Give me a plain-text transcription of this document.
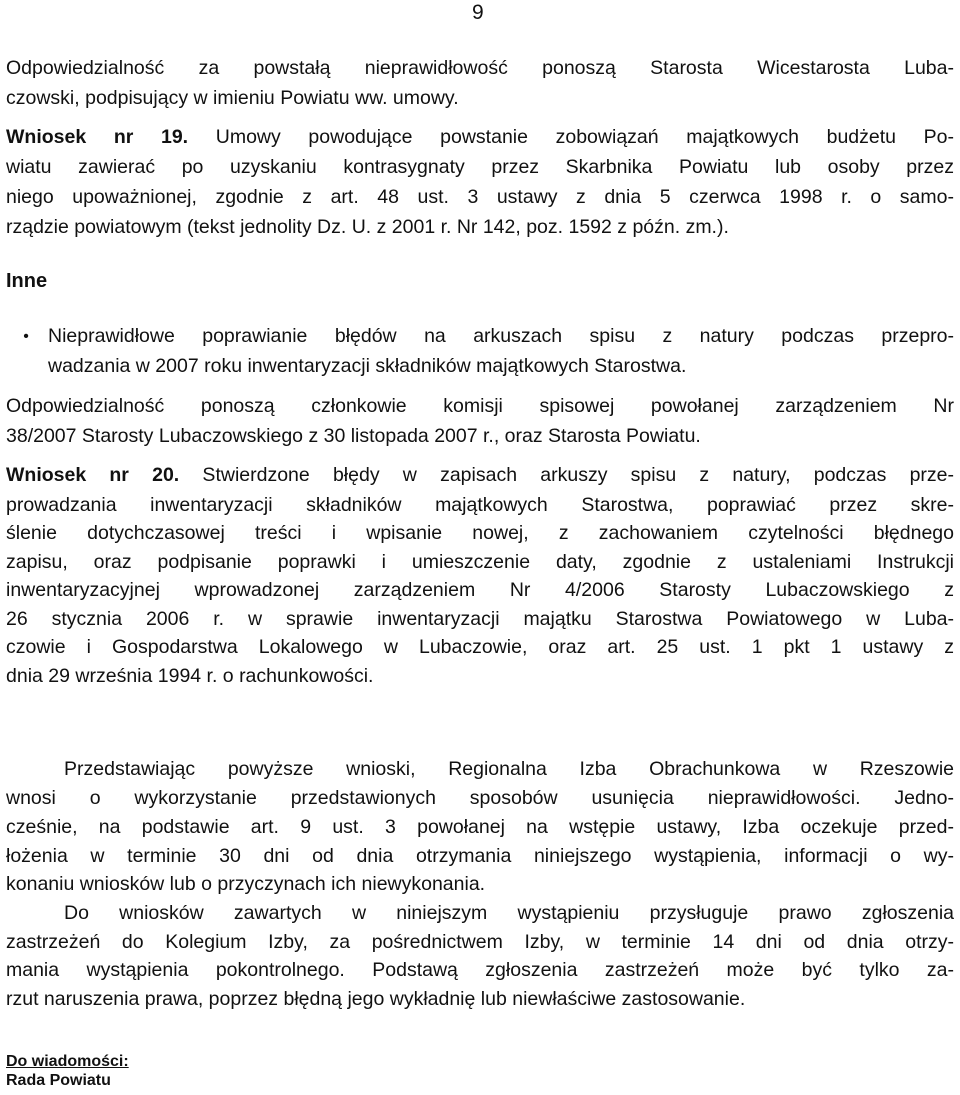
9
Odpowiedzialność za powstałą nieprawidłowość ponoszą Starosta Wicestarosta Luba-
czowski, podpisujący w imieniu Powiatu ww. umowy.
Wniosek nr 19. Umowy powodujące powstanie zobowiązań majątkowych budżetu Po-
wiatu zawierać po uzyskaniu kontrasygnaty przez Skarbnika Powiatu lub osoby przez
niego upoważnionej, zgodnie z art. 48 ust. 3 ustawy z dnia 5 czerwca 1998 r. o samo-
rządzie powiatowym (tekst jednolity Dz. U. z 2001 r. Nr 142, poz. 1592 z późn. zm.).
Inne
• Nieprawidłowe poprawianie błędów na arkuszach spisu z natury podczas przepro-
wadzania w 2007 roku inwentaryzacji składników majątkowych Starostwa.
Odpowiedzialność ponoszą członkowie komisji spisowej powołanej zarządzeniem Nr
38/2007 Starosty Lubaczowskiego z 30 listopada 2007 r., oraz Starosta Powiatu.
Wniosek nr 20. Stwierdzone błędy w zapisach arkuszy spisu z natury, podczas prze-
prowadzania inwentaryzacji składników majątkowych Starostwa, poprawiać przez skre-
ślenie dotychczasowej treści i wpisanie nowej, z zachowaniem czytelności błędnego
zapisu, oraz podpisanie poprawki i umieszczenie daty, zgodnie z ustaleniami Instrukcji
inwentaryzacyjnej wprowadzonej zarządzeniem Nr 4/2006 Starosty Lubaczowskiego z
26 stycznia 2006 r. w sprawie inwentaryzacji majątku Starostwa Powiatowego w Luba-
czowie i Gospodarstwa Lokalowego w Lubaczowie, oraz art. 25 ust. 1 pkt 1 ustawy z
dnia 29 września 1994 r. o rachunkowości.
Przedstawiając powyższe wnioski, Regionalna Izba Obrachunkowa w Rzeszowie
wnosi o wykorzystanie przedstawionych sposobów usunięcia nieprawidłowości. Jedno-
cześnie, na podstawie art. 9 ust. 3 powołanej na wstępie ustawy, Izba oczekuje przed-
łożenia w terminie 30 dni od dnia otrzymania niniejszego wystąpienia, informacji o wy-
konaniu wniosków lub o przyczynach ich niewykonania.
Do wniosków zawartych w niniejszym wystąpieniu przysługuje prawo zgłoszenia
zastrzeżeń do Kolegium Izby, za pośrednictwem Izby, w terminie 14 dni od dnia otrzy-
mania wystąpienia pokontrolnego. Podstawą zgłoszenia zastrzeżeń może być tylko za-
rzut naruszenia prawa, poprzez błędną jego wykładnię lub niewłaściwe zastosowanie.
Do wiadomości:
Rada Powiatu
